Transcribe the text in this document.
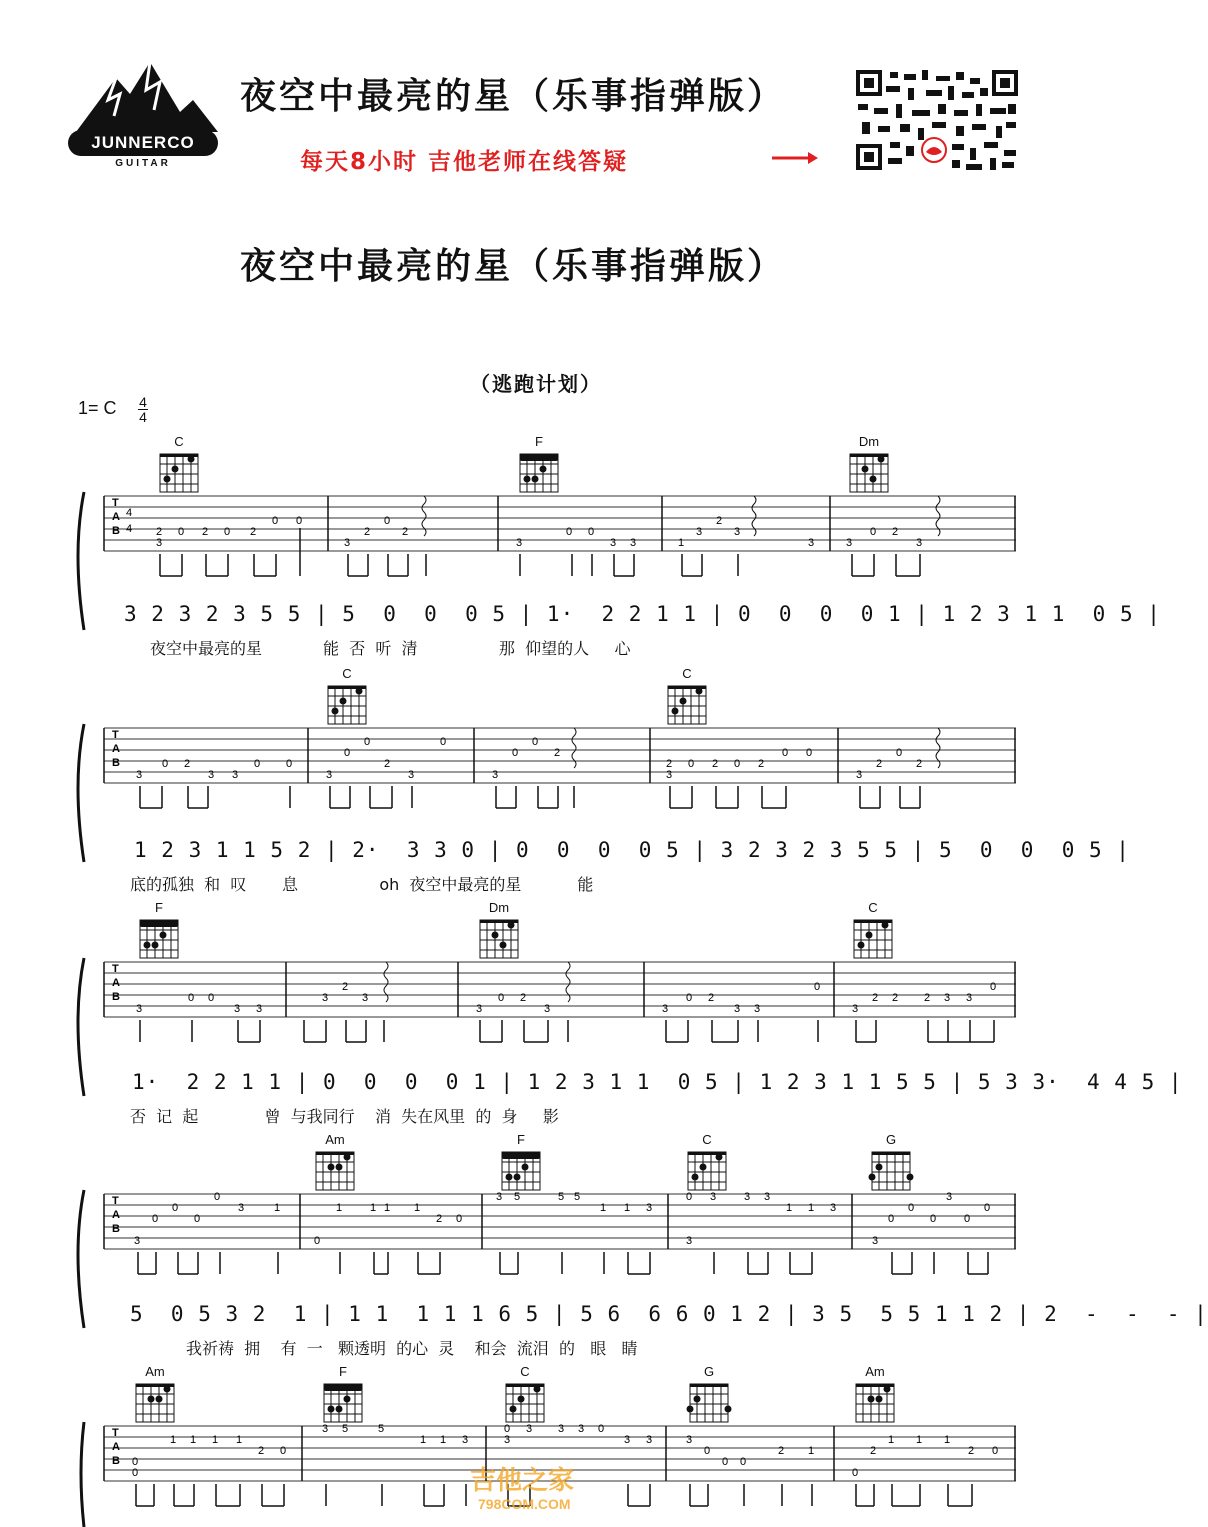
JUNNERCO
GUITAR
夜空中最亮的星（乐事指弹版）
每天8小时 吉他老师在线答疑
夜空中最亮的星（乐事指弹版）
（逃跑计划）
1= C 4
4
C	F	Dm
T
A
B
4
4 2
3
0 2 0 2
0 0
3
2
0
2
3
0 0
3 3	1
3
2
3
3	3
0 2
3
3 2 3 2 3 5 5 | 5  0  0  0 5 | 1·  2 2 1 1 | 0  0  0  0 1 | 1 2 3 1 1  0 5 |
夜空中最亮的星            能  否  听  清                那  仰望的人     心
C	C
T
A
B
3
0 2
3 3
0 0
3
0
0
2
3
0
3
0
0
2
2
3
0 2 0 2
0 0
3
2
0
2
1 2 3 1 1 5 2 | 2·  3 3 0 | 0  0  0  0 5 | 3 2 3 2 3 5 5 | 5  0  0  0 5 |
底的孤独  和  叹       息                oh  夜空中最亮的星           能
F	Dm	C
T
A
B
3
0 0
3 3
3
2
3
3
0 2
3	3
0 2
3 3
0
3
2 2 2 3 3
0
1·  2 2 1 1 | 0  0  0  0 1 | 1 2 3 1 1  0 5 | 1 2 3 1 1 5 5 | 5 3 3·  4 4 5 |
否  记  起             曾  与我同行    消  失在风里  的  身     影
Am	F	C	G
T
A
B
3
0
0
0
0
3	1
0
1	1 1 1
2 0
3 5	5 5
1 1 3
0
3
3	3 3
1 1 3
3
0
0
0
3
0
0
5  0 5 3 2  1 | 1 1  1 1 1 6 5 | 5 6  6 6 0 1 2 | 3 5  5 5 1 1 2 | 2  -  -  - |
我祈祷  拥    有  一   颗透明  的心  灵    和会  流泪  的   眼   睛
Am	F	C	G	Am
T
A
B 0
0
1 1 1 1
2 0
3 5	5
1 1 3
0
3
3 3 3 0
3 3	3
0
0 0
2 1
0
2
1 1 1
2 0
吉他之家
798COM.COM
